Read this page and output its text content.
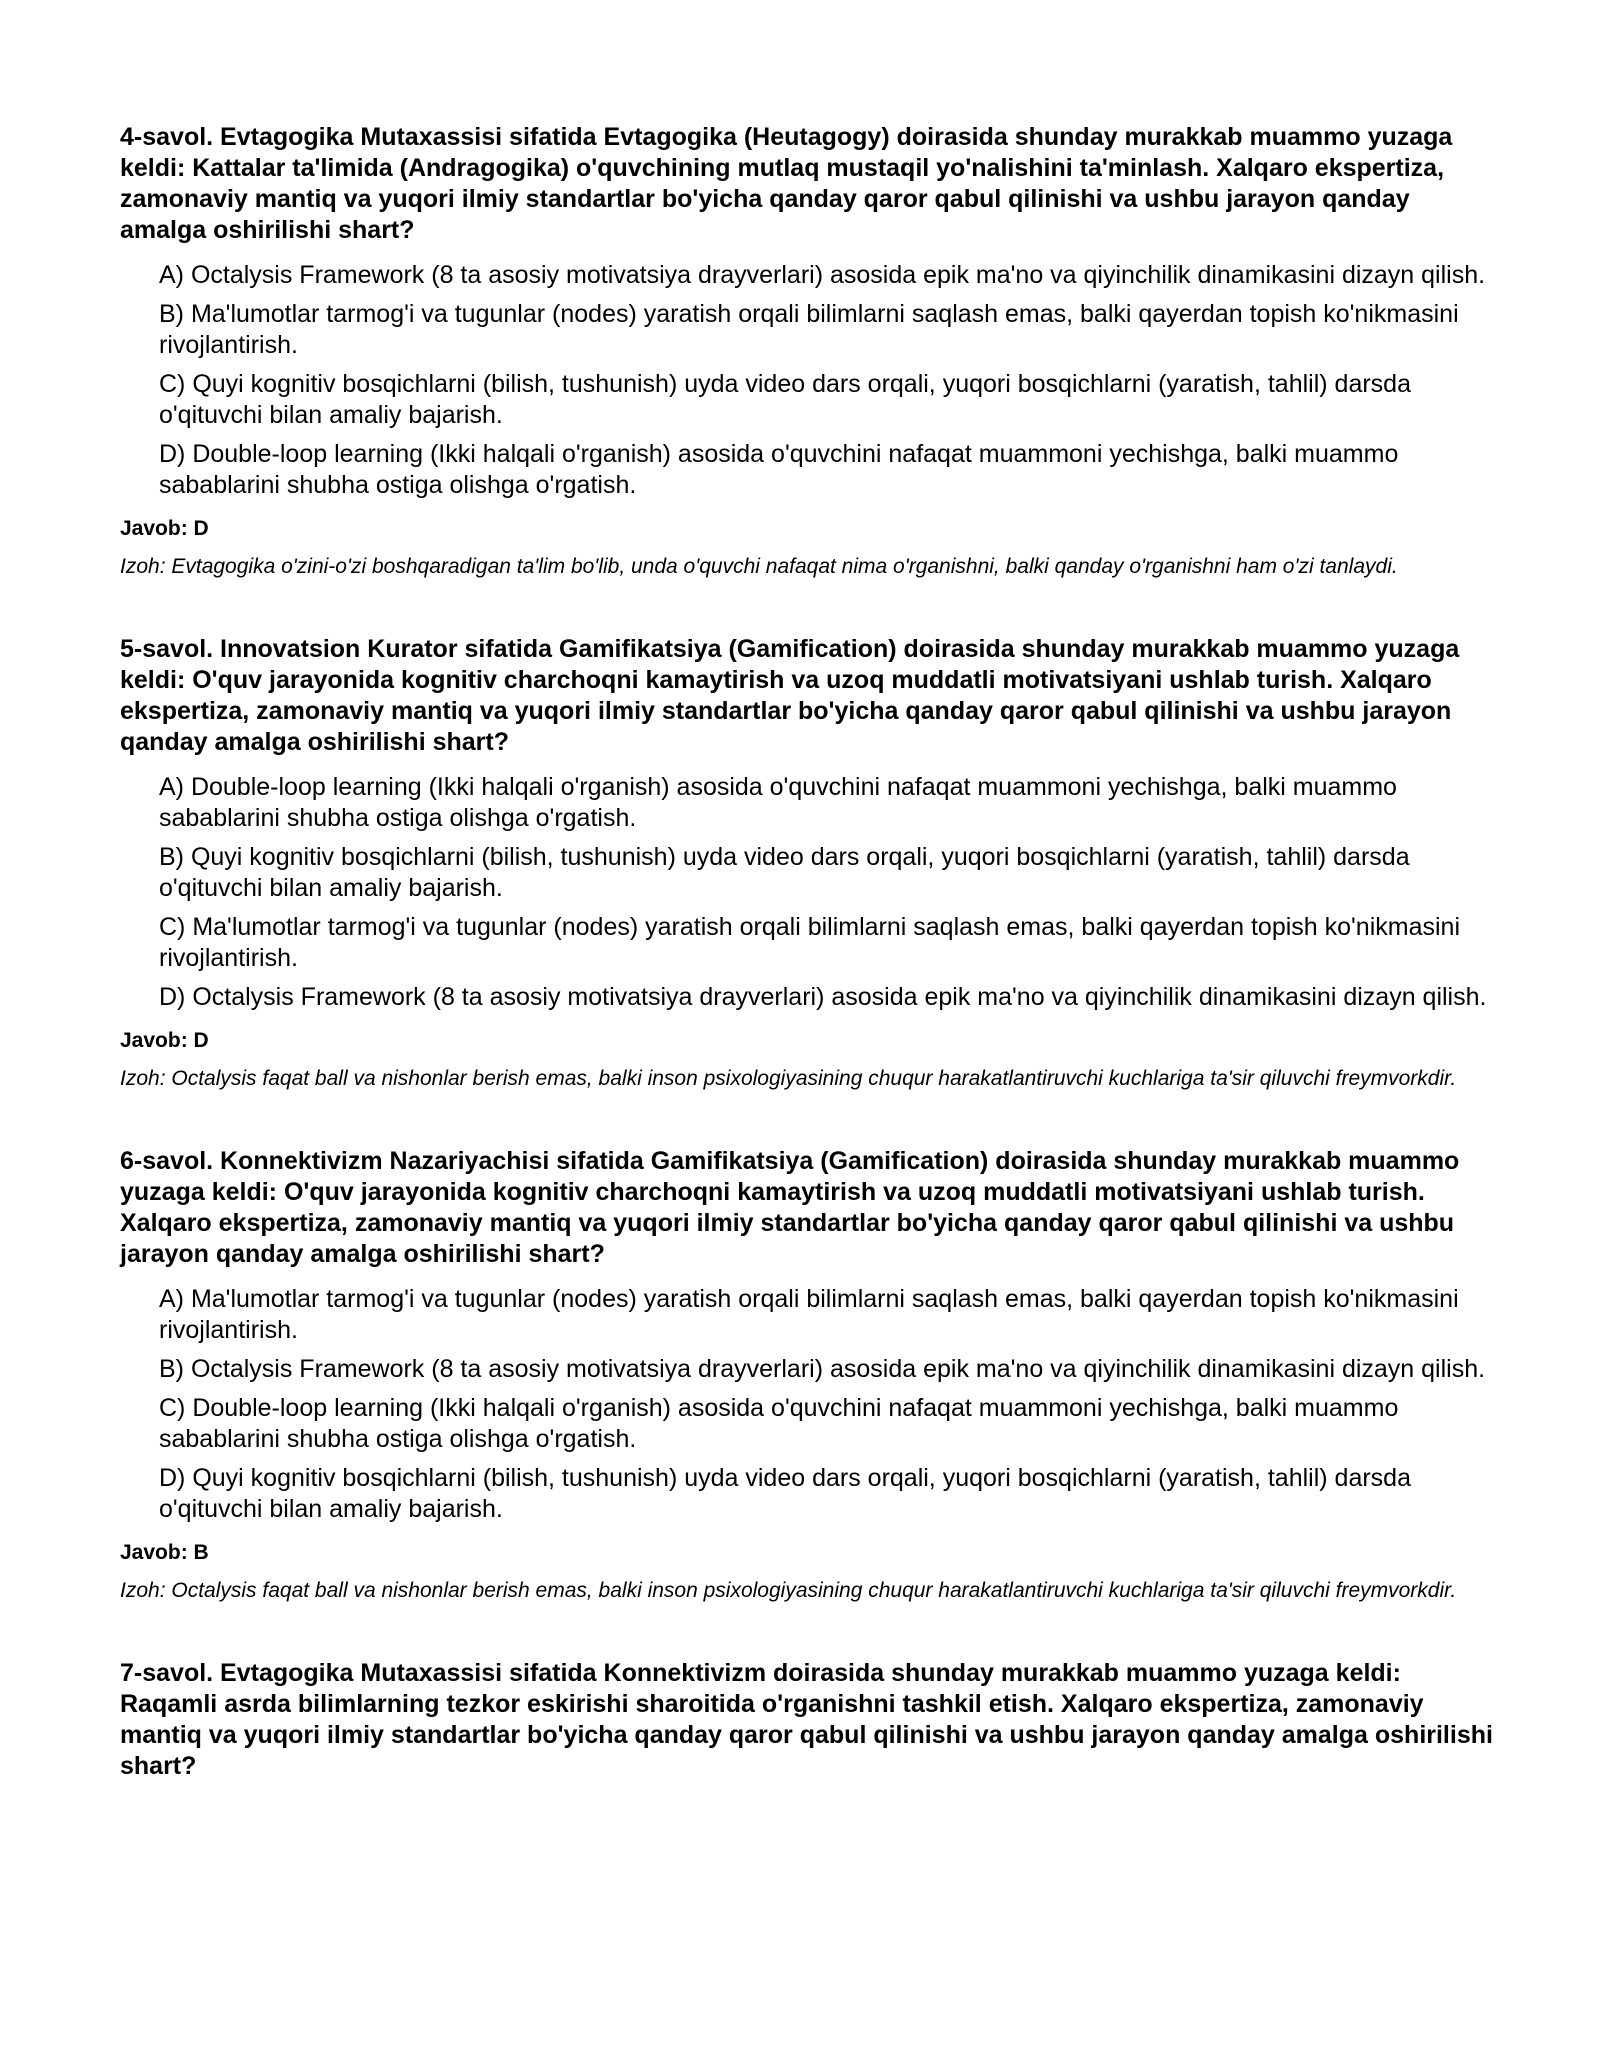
4-savol. Evtagogika Mutaxassisi sifatida Evtagogika (Heutagogy) doirasida shunday murakkab muammo yuzaga keldi: Kattalar ta'limida (Andragogika) o'quvchining mutlaq mustaqil yo'nalishini ta'minlash. Xalqaro ekspertiza, zamonaviy mantiq va yuqori ilmiy standartlar bo'yicha qanday qaror qabul qilinishi va ushbu jarayon qanday amalga oshirilishi shart?
A) Octalysis Framework (8 ta asosiy motivatsiya drayverlari) asosida epik ma'no va qiyinchilik dinamikasini dizayn qilish.
B) Ma'lumotlar tarmog'i va tugunlar (nodes) yaratish orqali bilimlarni saqlash emas, balki qayerdan topish ko'nikmasini rivojlantirish.
C) Quyi kognitiv bosqichlarni (bilish, tushunish) uyda video dars orqali, yuqori bosqichlarni (yaratish, tahlil) darsda o'qituvchi bilan amaliy bajarish.
D) Double-loop learning (Ikki halqali o'rganish) asosida o'quvchini nafaqat muammoni yechishga, balki muammo sabablarini shubha ostiga olishga o'rgatish.
Javob: D
Izoh: Evtagogika o'zini-o'zi boshqaradigan ta'lim bo'lib, unda o'quvchi nafaqat nima o'rganishni, balki qanday o'rganishni ham o'zi tanlaydi.
5-savol. Innovatsion Kurator sifatida Gamifikatsiya (Gamification) doirasida shunday murakkab muammo yuzaga keldi: O'quv jarayonida kognitiv charchoqni kamaytirish va uzoq muddatli motivatsiyani ushlab turish. Xalqaro ekspertiza, zamonaviy mantiq va yuqori ilmiy standartlar bo'yicha qanday qaror qabul qilinishi va ushbu jarayon qanday amalga oshirilishi shart?
A) Double-loop learning (Ikki halqali o'rganish) asosida o'quvchini nafaqat muammoni yechishga, balki muammo sabablarini shubha ostiga olishga o'rgatish.
B) Quyi kognitiv bosqichlarni (bilish, tushunish) uyda video dars orqali, yuqori bosqichlarni (yaratish, tahlil) darsda o'qituvchi bilan amaliy bajarish.
C) Ma'lumotlar tarmog'i va tugunlar (nodes) yaratish orqali bilimlarni saqlash emas, balki qayerdan topish ko'nikmasini rivojlantirish.
D) Octalysis Framework (8 ta asosiy motivatsiya drayverlari) asosida epik ma'no va qiyinchilik dinamikasini dizayn qilish.
Javob: D
Izoh: Octalysis faqat ball va nishonlar berish emas, balki inson psixologiyasining chuqur harakatlantiruvchi kuchlariga ta'sir qiluvchi freymvorkdir.
6-savol. Konnektivizm Nazariyachisi sifatida Gamifikatsiya (Gamification) doirasida shunday murakkab muammo yuzaga keldi: O'quv jarayonida kognitiv charchoqni kamaytirish va uzoq muddatli motivatsiyani ushlab turish. Xalqaro ekspertiza, zamonaviy mantiq va yuqori ilmiy standartlar bo'yicha qanday qaror qabul qilinishi va ushbu jarayon qanday amalga oshirilishi shart?
A) Ma'lumotlar tarmog'i va tugunlar (nodes) yaratish orqali bilimlarni saqlash emas, balki qayerdan topish ko'nikmasini rivojlantirish.
B) Octalysis Framework (8 ta asosiy motivatsiya drayverlari) asosida epik ma'no va qiyinchilik dinamikasini dizayn qilish.
C) Double-loop learning (Ikki halqali o'rganish) asosida o'quvchini nafaqat muammoni yechishga, balki muammo sabablarini shubha ostiga olishga o'rgatish.
D) Quyi kognitiv bosqichlarni (bilish, tushunish) uyda video dars orqali, yuqori bosqichlarni (yaratish, tahlil) darsda o'qituvchi bilan amaliy bajarish.
Javob: B
Izoh: Octalysis faqat ball va nishonlar berish emas, balki inson psixologiyasining chuqur harakatlantiruvchi kuchlariga ta'sir qiluvchi freymvorkdir.
7-savol. Evtagogika Mutaxassisi sifatida Konnektivizm doirasida shunday murakkab muammo yuzaga keldi: Raqamli asrda bilimlarning tezkor eskirishi sharoitida o'rganishni tashkil etish. Xalqaro ekspertiza, zamonaviy mantiq va yuqori ilmiy standartlar bo'yicha qanday qaror qabul qilinishi va ushbu jarayon qanday amalga oshirilishi shart?
